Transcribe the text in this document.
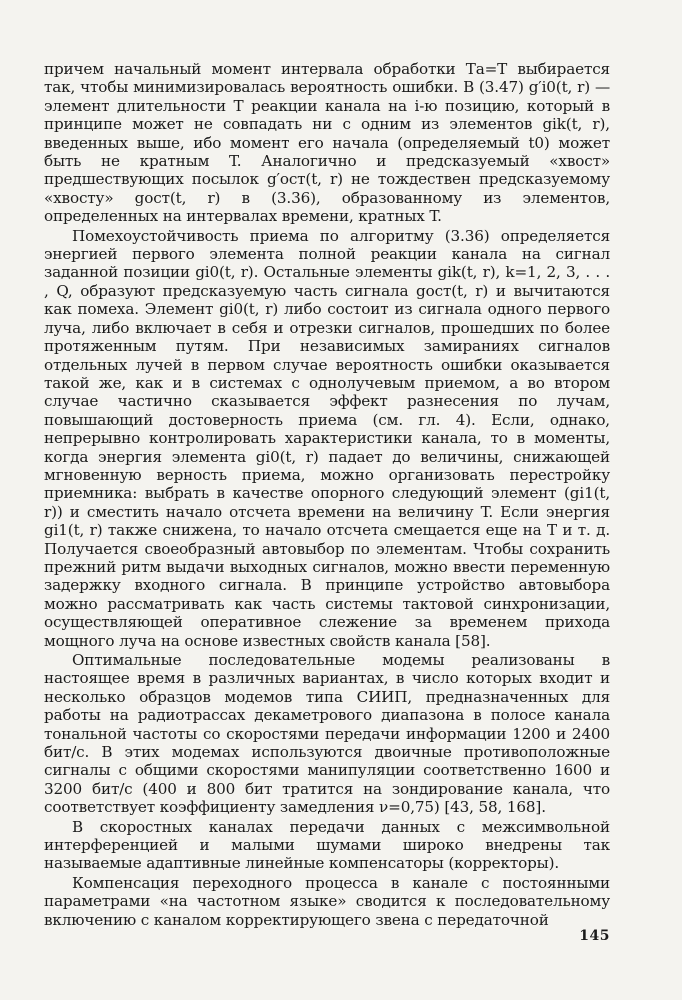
причем начальный момент интервала обработки Tа=T выбирается так, чтобы минимизировалась вероятность ошибки. В (3.47) g′i0(t, r) — элемент длительности T реакции канала на i-ю позицию, который в принципе может не совпадать ни с одним из элементов gik(t, r), введенных выше, ибо момент его начала (определяемый t0) может быть не кратным T. Аналогично и предсказуемый «хвост» предшествующих посылок g′ост(t, r) не тождествен предсказуемому «хвосту» gост(t, r) в (3.36), образованному из элементов, определенных на интервалах времени, кратных T.

Помехоустойчивость приема по алгоритму (3.36) определяется энергией первого элемента полной реакции канала на сигнал заданной позиции gi0(t, r). Остальные элементы gik(t, r), k=1, 2, 3, . . . , Q, образуют предсказуемую часть сигнала gост(t, r) и вычитаются как помеха. Элемент gi0(t, r) либо состоит из сигнала одного первого луча, либо включает в себя и отрезки сигналов, прошедших по более протяженным путям. При независимых замираниях сигналов отдельных лучей в первом случае вероятность ошибки оказывается такой же, как и в системах с однолучевым приемом, а во втором случае частично сказывается эффект разнесения по лучам, повышающий достоверность приема (см. гл. 4). Если, однако, непрерывно контролировать характеристики канала, то в моменты, когда энергия элемента gi0(t, r) падает до величины, снижающей мгновенную верность приема, можно организовать перестройку приемника: выбрать в качестве опорного следующий элемент (gi1(t, r)) и сместить начало отсчета времени на величину T. Если энергия gi1(t, r) также снижена, то начало отсчета смещается еще на T и т. д. Получается своеобразный автовыбор по элементам. Чтобы сохранить прежний ритм выдачи выходных сигналов, можно ввести переменную задержку входного сигнала. В принципе устройство автовыбора можно рассматривать как часть системы тактовой синхронизации, осуществляющей оперативное слежение за временем прихода мощного луча на основе известных свойств канала [58].

Оптимальные последовательные модемы реализованы в настоящее время в различных вариантах, в число которых входит и несколько образцов модемов типа СИИП, предназначенных для работы на радиотрассах декаметрового диапазона в полосе канала тональной частоты со скоростями передачи информации 1200 и 2400 бит/с. В этих модемах используются двоичные противоположные сигналы с общими скоростями манипуляции соответственно 1600 и 3200 бит/с (400 и 800 бит тратится на зондирование канала, что соответствует коэффициенту замедления ν=0,75) [43, 58, 168].

В скоростных каналах передачи данных с межсимвольной интерференцией и малыми шумами широко внедрены так называемые адаптивные линейные компенсаторы (корректоры).

Компенсация переходного процесса в канале с постоянными параметрами «на частотном языке» сводится к последовательному включению с каналом корректирующего звена с передаточной

145
